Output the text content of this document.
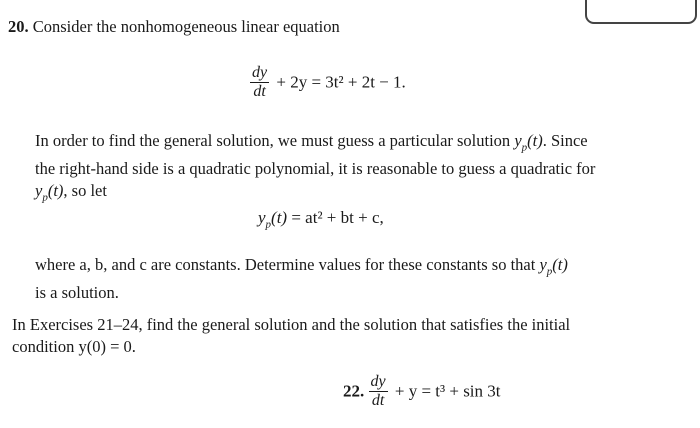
20. Consider the nonhomogeneous linear equation
$\frac{dy}{dt} + 2y = 3t^2 + 2t - 1$.
In order to find the general solution, we must guess a particular solution $y_p(t)$. Since
the right-hand side is a quadratic polynomial, it is reasonable to guess a quadratic for
$y_p(t)$, so let
$y_p(t) = at^2$ + bt + c,
where a, b, and c are constants. Determine values for these constants so that $y_p(t)$
is a solution.
In Exercises 21–24, find the general solution and the solution that satisfies the initial
condition y(0) = 0.
22. $\frac{dy}{dt} + y = t^3 + \sin 3t$
